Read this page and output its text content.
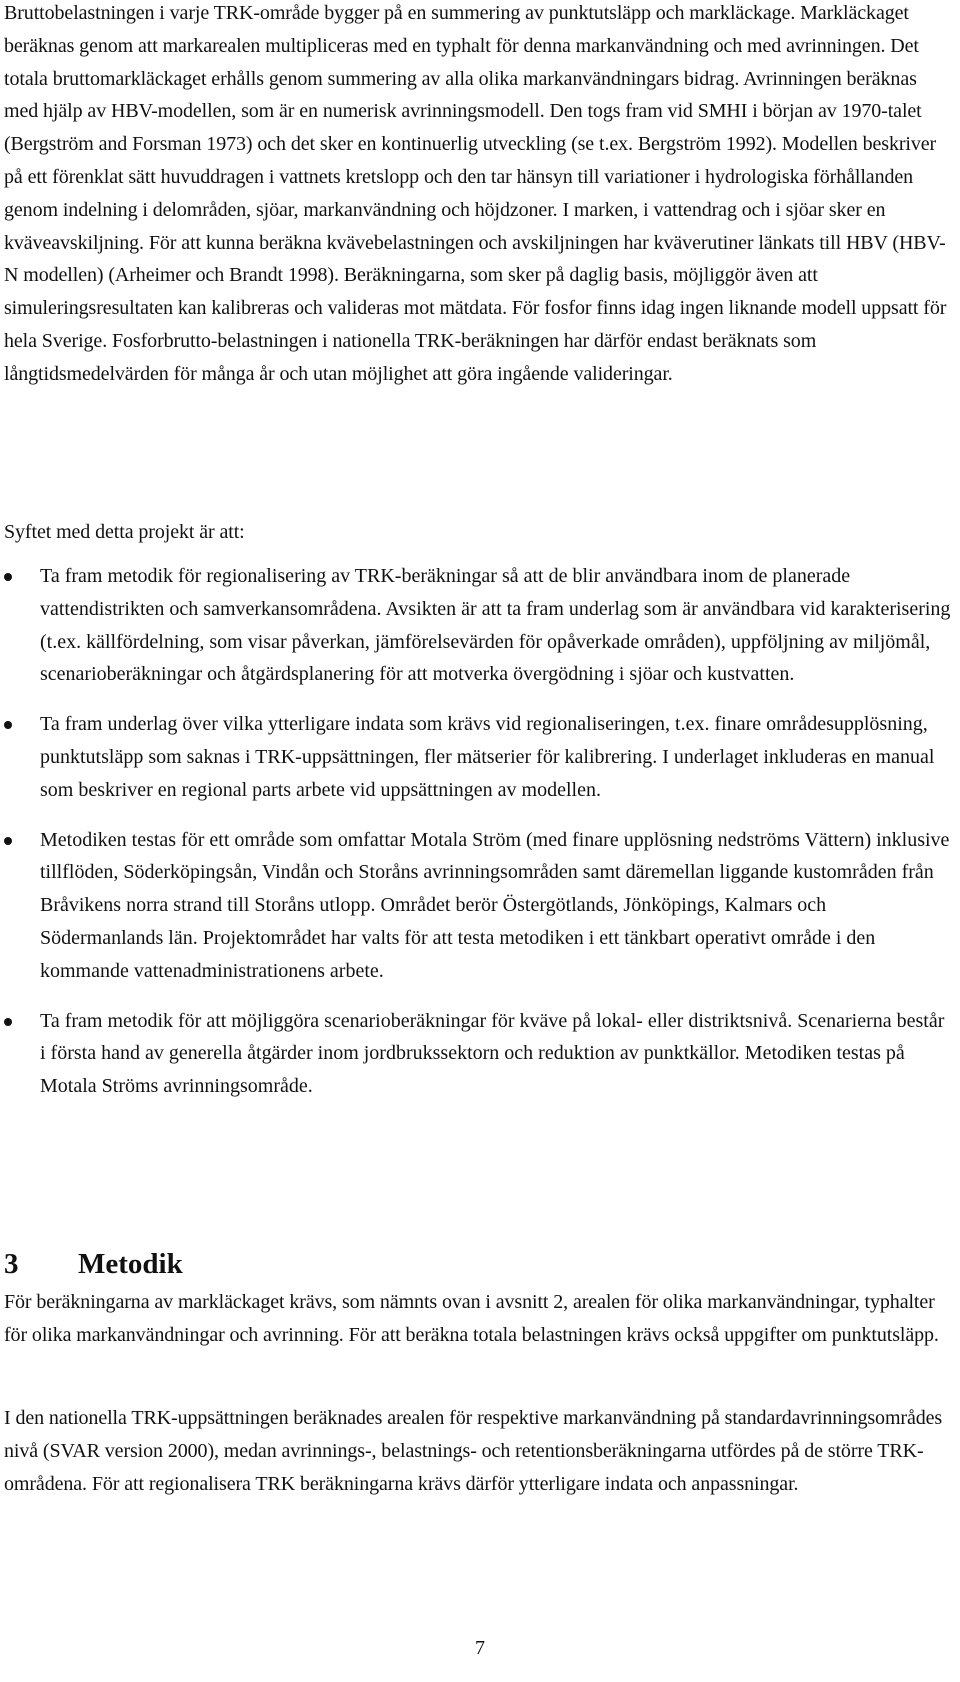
Bruttobelastningen i varje TRK-område bygger på en summering av punktutsläpp och markläckage. Markläckaget beräknas genom att markarealen multipliceras med en typhalt för denna markanvändning och med avrinningen. Det totala bruttomarkläckaget erhålls genom summering av alla olika markanvändningars bidrag. Avrinningen beräknas med hjälp av HBV-modellen, som är en numerisk avrinningsmodell. Den togs fram vid SMHI i början av 1970-talet (Bergström and Forsman 1973) och det sker en kontinuerlig utveckling (se t.ex. Bergström 1992). Modellen beskriver på ett förenklat sätt huvuddragen i vattnets kretslopp och den tar hänsyn till variationer i hydrologiska förhållanden genom indelning i delområden, sjöar, markanvändning och höjdzoner. I marken, i vattendrag och i sjöar sker en kväveavskiljning. För att kunna beräkna kvävebelastningen och avskiljningen har kväverutiner länkats till HBV (HBV-N modellen) (Arheimer och Brandt 1998). Beräkningarna, som sker på daglig basis, möjliggör även att simuleringsresultaten kan kalibreras och valideras mot mätdata. För fosfor finns idag ingen liknande modell uppsatt för hela Sverige. Fosforbrutto-belastningen i nationella TRK-beräkningen har därför endast beräknats som långtidsmedelvärden för många år och utan möjlighet att göra ingående valideringar.

Syftet med detta projekt är att:

Ta fram metodik för regionalisering av TRK-beräkningar så att de blir användbara inom de planerade vattendistrikten och samverkansområdena. Avsikten är att ta fram underlag som är användbara vid karakterisering (t.ex. källfördelning, som visar påverkan, jämförelsevärden för opåverkade områden), uppföljning av miljömål, scenarioberäkningar och åtgärdsplanering för att motverka övergödning i sjöar och kustvatten.
Ta fram underlag över vilka ytterligare indata som krävs vid regionaliseringen, t.ex. finare områdesupplösning, punktutsläpp som saknas i TRK-uppsättningen, fler mätserier för kalibrering. I underlaget inkluderas en manual som beskriver en regional parts arbete vid uppsättningen av modellen.
Metodiken testas för ett område som omfattar Motala Ström (med finare upplösning nedströms Vättern) inklusive tillflöden, Söderköpingsån, Vindån och Storåns avrinningsområden samt däremellan liggande kustområden från Bråvikens norra strand till Storåns utlopp. Området berör Östergötlands, Jönköpings, Kalmars och Södermanlands län. Projektområdet har valts för att testa metodiken i ett tänkbart operativt område i den kommande vattenadministrationens arbete.
Ta fram metodik för att möjliggöra scenarioberäkningar för kväve på lokal- eller distriktsnivå. Scenarierna består i första hand av generella åtgärder inom jordbrukssektorn och reduktion av punktkällor. Metodiken testas på Motala Ströms avrinningsområde.
3 Metodik

För beräkningarna av markläckaget krävs, som nämnts ovan i avsnitt 2, arealen för olika markanvändningar, typhalter för olika markanvändningar och avrinning. För att beräkna totala belastningen krävs också uppgifter om punktutsläpp.

I den nationella TRK-uppsättningen beräknades arealen för respektive markanvändning på standardavrinningsområdes nivå (SVAR version 2000), medan avrinnings-, belastnings- och retentionsberäkningarna utfördes på de större TRK-områdena. För att regionalisera TRK beräkningarna krävs därför ytterligare indata och anpassningar.

7
